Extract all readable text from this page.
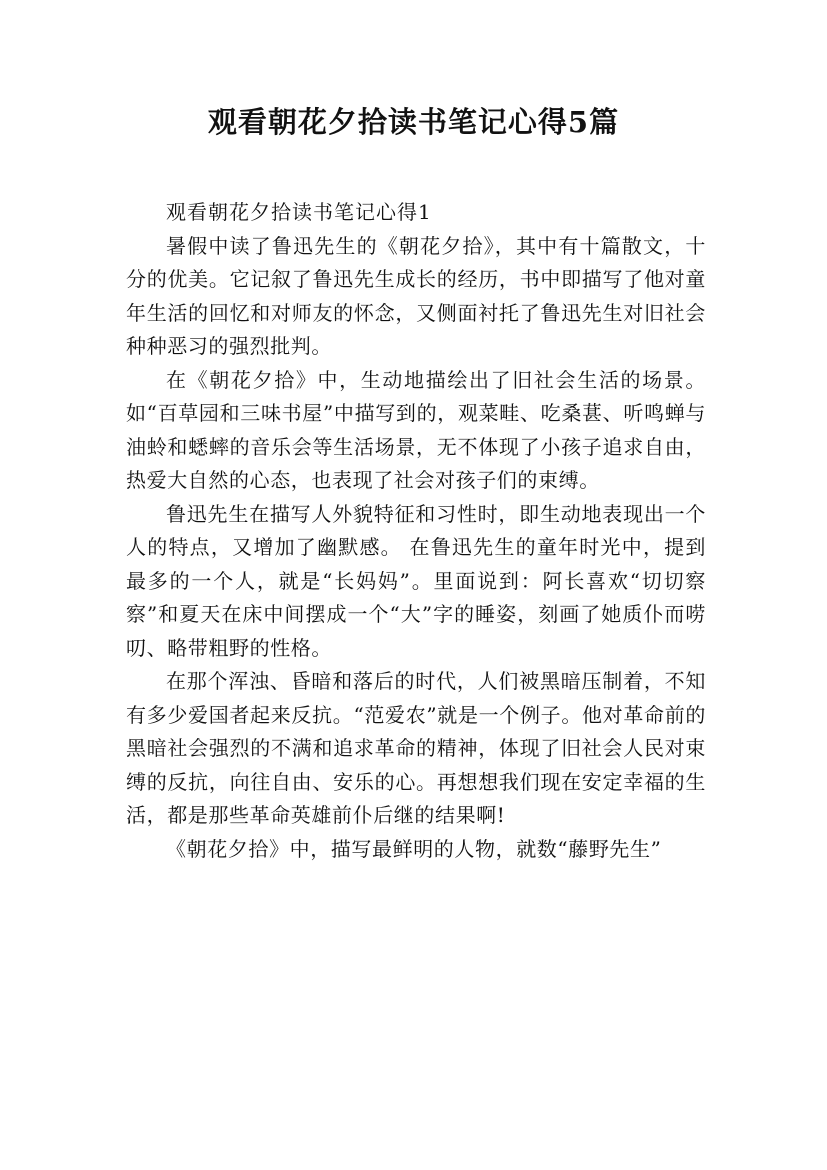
观看朝花夕拾读书笔记心得5篇

观看朝花夕拾读书笔记心得1

暑假中读了鲁迅先生的《朝花夕拾》，其中有十篇散文，十分的优美。它记叙了鲁迅先生成长的经历，书中即描写了他对童年生活的回忆和对师友的怀念，又侧面衬托了鲁迅先生对旧社会种种恶习的强烈批判。

在《朝花夕拾》中，生动地描绘出了旧社会生活的场景。如“百草园和三味书屋”中描写到的，观菜畦、吃桑葚、听鸣蝉与油蛉和蟋蟀的音乐会等生活场景，无不体现了小孩子追求自由，热爱大自然的心态，也表现了社会对孩子们的束缚。

鲁迅先生在描写人外貌特征和习性时，即生动地表现出一个人的特点，又增加了幽默感。 在鲁迅先生的童年时光中，提到最多的一个人，就是“长妈妈”。里面说到：阿长喜欢“切切察察”和夏天在床中间摆成一个“大”字的睡姿，刻画了她质仆而唠叨、略带粗野的性格。

在那个浑浊、昏暗和落后的时代，人们被黑暗压制着，不知有多少爱国者起来反抗。“范爱农”就是一个例子。他对革命前的黑暗社会强烈的不满和追求革命的精神，体现了旧社会人民对束缚的反抗，向往自由、安乐的心。再想想我们现在安定幸福的生活，都是那些革命英雄前仆后继的结果啊!

《朝花夕拾》中，描写最鲜明的人物，就数“藤野先生”
